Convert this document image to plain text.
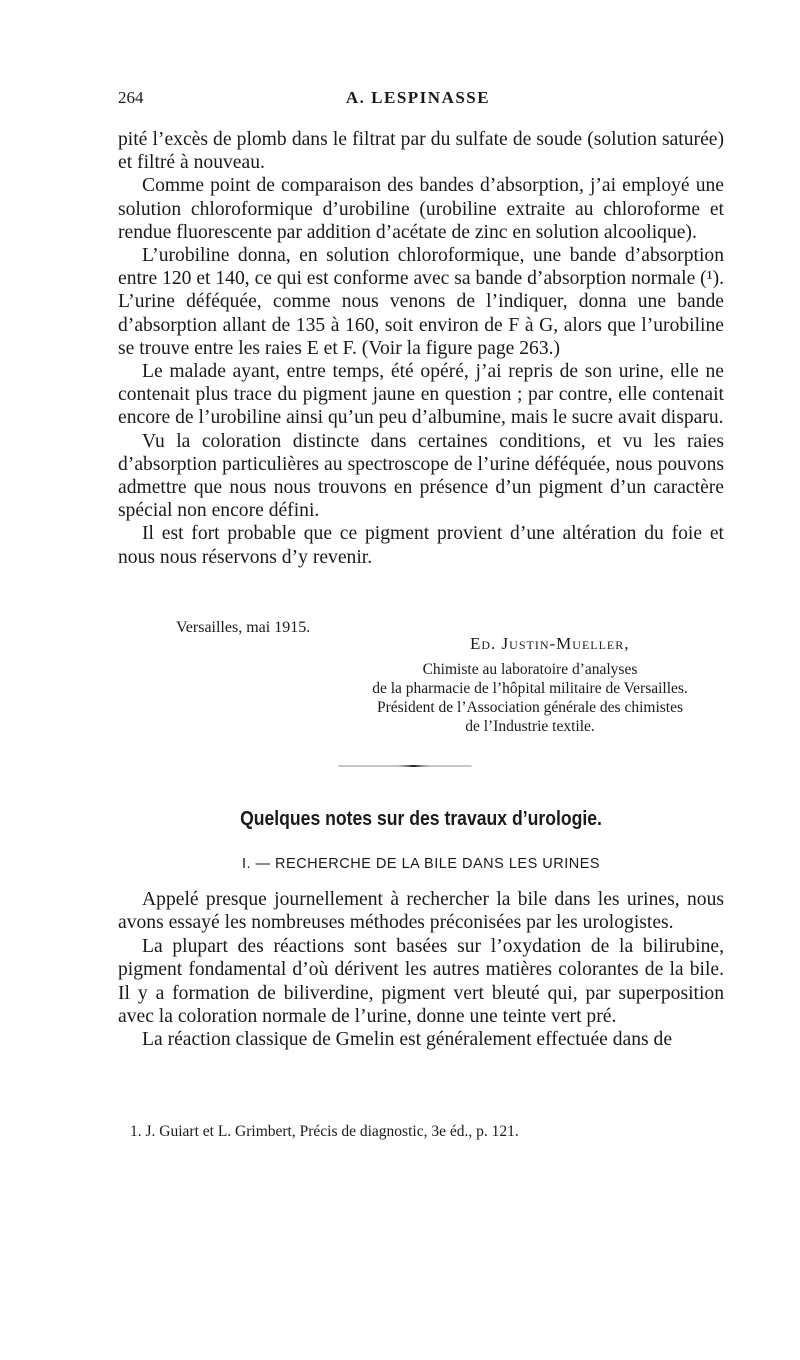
264	A. LESPINASSE

pité l’excès de plomb dans le filtrat par du sulfate de soude (solution saturée) et filtré à nouveau.

Comme point de comparaison des bandes d’absorption, j’ai employé une solution chloroformique d’urobiline (urobiline extraite au chloroforme et rendue fluorescente par addition d’acétate de zinc en solution alcoolique).

L’urobiline donna, en solution chloroformique, une bande d’absorption entre 120 et 140, ce qui est conforme avec sa bande d’absorption normale (¹). L’urine déféquée, comme nous venons de l’indiquer, donna une bande d’absorption allant de 135 à 160, soit environ de F à G, alors que l’urobiline se trouve entre les raies E et F. (Voir la figure page 263.)

Le malade ayant, entre temps, été opéré, j’ai repris de son urine, elle ne contenait plus trace du pigment jaune en question ; par contre, elle contenait encore de l’urobiline ainsi qu’un peu d’albumine, mais le sucre avait disparu.

Vu la coloration distincte dans certaines conditions, et vu les raies d’absorption particulières au spectroscope de l’urine déféquée, nous pouvons admettre que nous nous trouvons en présence d’un pigment d’un caractère spécial non encore défini.

Il est fort probable que ce pigment provient d’une altération du foie et nous nous réservons d’y revenir.

Versailles, mai 1915.
Ed. Justin-Mueller,
Chimiste au laboratoire d’analyses
de la pharmacie de l’hôpital militaire de Versailles.
Président de l’Association générale des chimistes
de l’Industrie textile.
Quelques notes sur des travaux d’urologie.
I. — RECHERCHE DE LA BILE DANS LES URINES

Appelé presque journellement à rechercher la bile dans les urines, nous avons essayé les nombreuses méthodes préconisées par les urologistes.

La plupart des réactions sont basées sur l’oxydation de la bilirubine, pigment fondamental d’où dérivent les autres matières colorantes de la bile. Il y a formation de biliverdine, pigment vert bleuté qui, par superposition avec la coloration normale de l’urine, donne une teinte vert pré.

La réaction classique de Gmelin est généralement effectuée dans de

1. J. Guiart et L. Grimbert, Précis de diagnostic, 3e éd., p. 121.
